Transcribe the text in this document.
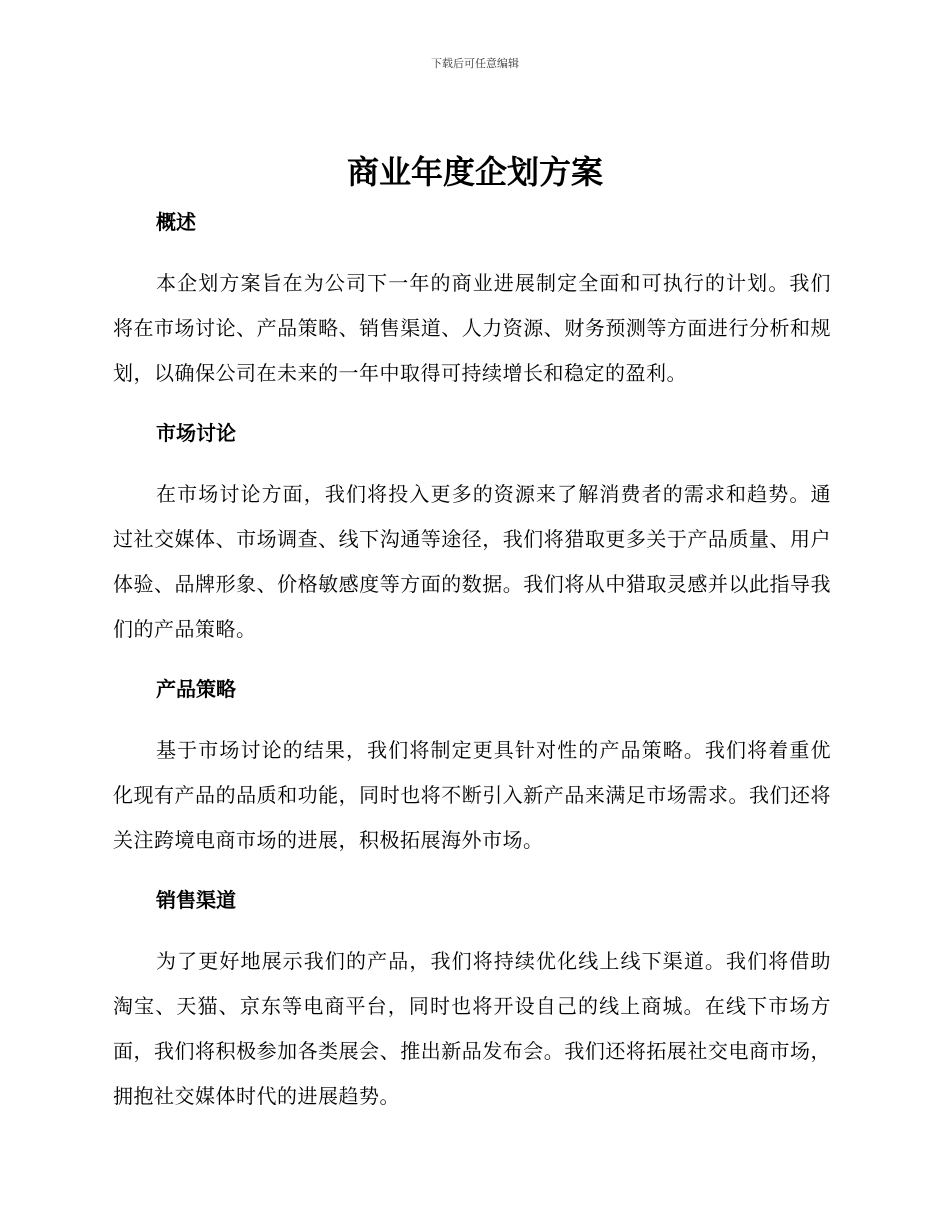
下载后可任意编辑

商业年度企划方案
概述

本企划方案旨在为公司下一年的商业进展制定全面和可执行的计划。我们将在市场讨论、产品策略、销售渠道、人力资源、财务预测等方面进行分析和规划，以确保公司在未来的一年中取得可持续增长和稳定的盈利。

市场讨论

在市场讨论方面，我们将投入更多的资源来了解消费者的需求和趋势。通过社交媒体、市场调查、线下沟通等途径，我们将猎取更多关于产品质量、用户体验、品牌形象、价格敏感度等方面的数据。我们将从中猎取灵感并以此指导我们的产品策略。

产品策略

基于市场讨论的结果，我们将制定更具针对性的产品策略。我们将着重优化现有产品的品质和功能，同时也将不断引入新产品来满足市场需求。我们还将关注跨境电商市场的进展，积极拓展海外市场。

销售渠道

为了更好地展示我们的产品，我们将持续优化线上线下渠道。我们将借助淘宝、天猫、京东等电商平台，同时也将开设自己的线上商城。在线下市场方面，我们将积极参加各类展会、推出新品发布会。我们还将拓展社交电商市场，拥抱社交媒体时代的进展趋势。
